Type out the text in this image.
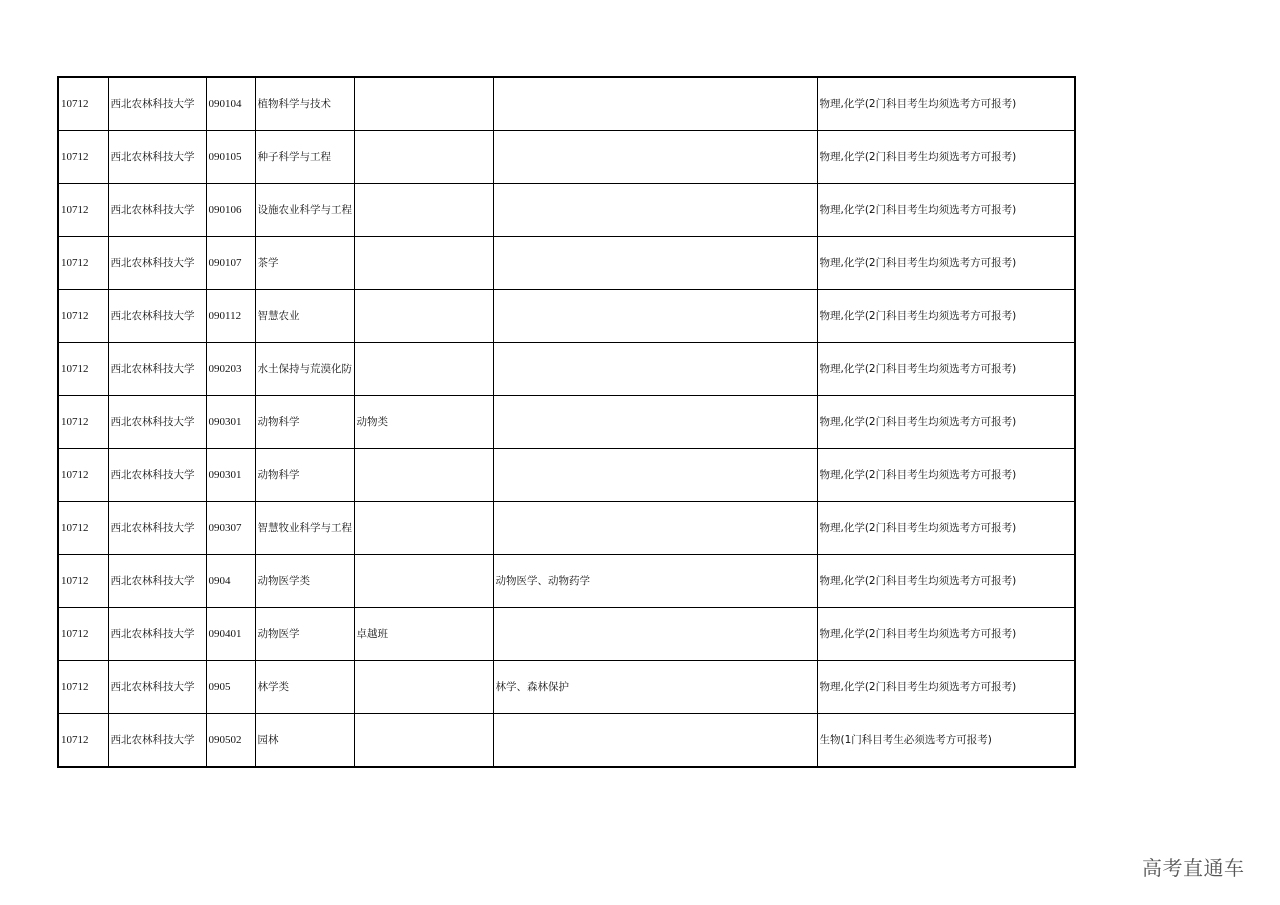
10712	西北农林科技大学	090104	植物科学与技术			物理,化学(2门科目考生均须选考方可报考)
10712	西北农林科技大学	090105	种子科学与工程			物理,化学(2门科目考生均须选考方可报考)
10712	西北农林科技大学	090106	设施农业科学与工程			物理,化学(2门科目考生均须选考方可报考)
10712	西北农林科技大学	090107	茶学			物理,化学(2门科目考生均须选考方可报考)
10712	西北农林科技大学	090112	智慧农业			物理,化学(2门科目考生均须选考方可报考)
10712	西北农林科技大学	090203	水土保持与荒漠化防			物理,化学(2门科目考生均须选考方可报考)
10712	西北农林科技大学	090301	动物科学	动物类		物理,化学(2门科目考生均须选考方可报考)
10712	西北农林科技大学	090301	动物科学			物理,化学(2门科目考生均须选考方可报考)
10712	西北农林科技大学	090307	智慧牧业科学与工程			物理,化学(2门科目考生均须选考方可报考)
10712	西北农林科技大学	0904	动物医学类		动物医学、动物药学	物理,化学(2门科目考生均须选考方可报考)
10712	西北农林科技大学	090401	动物医学	卓越班		物理,化学(2门科目考生均须选考方可报考)
10712	西北农林科技大学	0905	林学类		林学、森林保护	物理,化学(2门科目考生均须选考方可报考)
10712	西北农林科技大学	090502	园林			生物(1门科目考生必须选考方可报考)
高考直通车
